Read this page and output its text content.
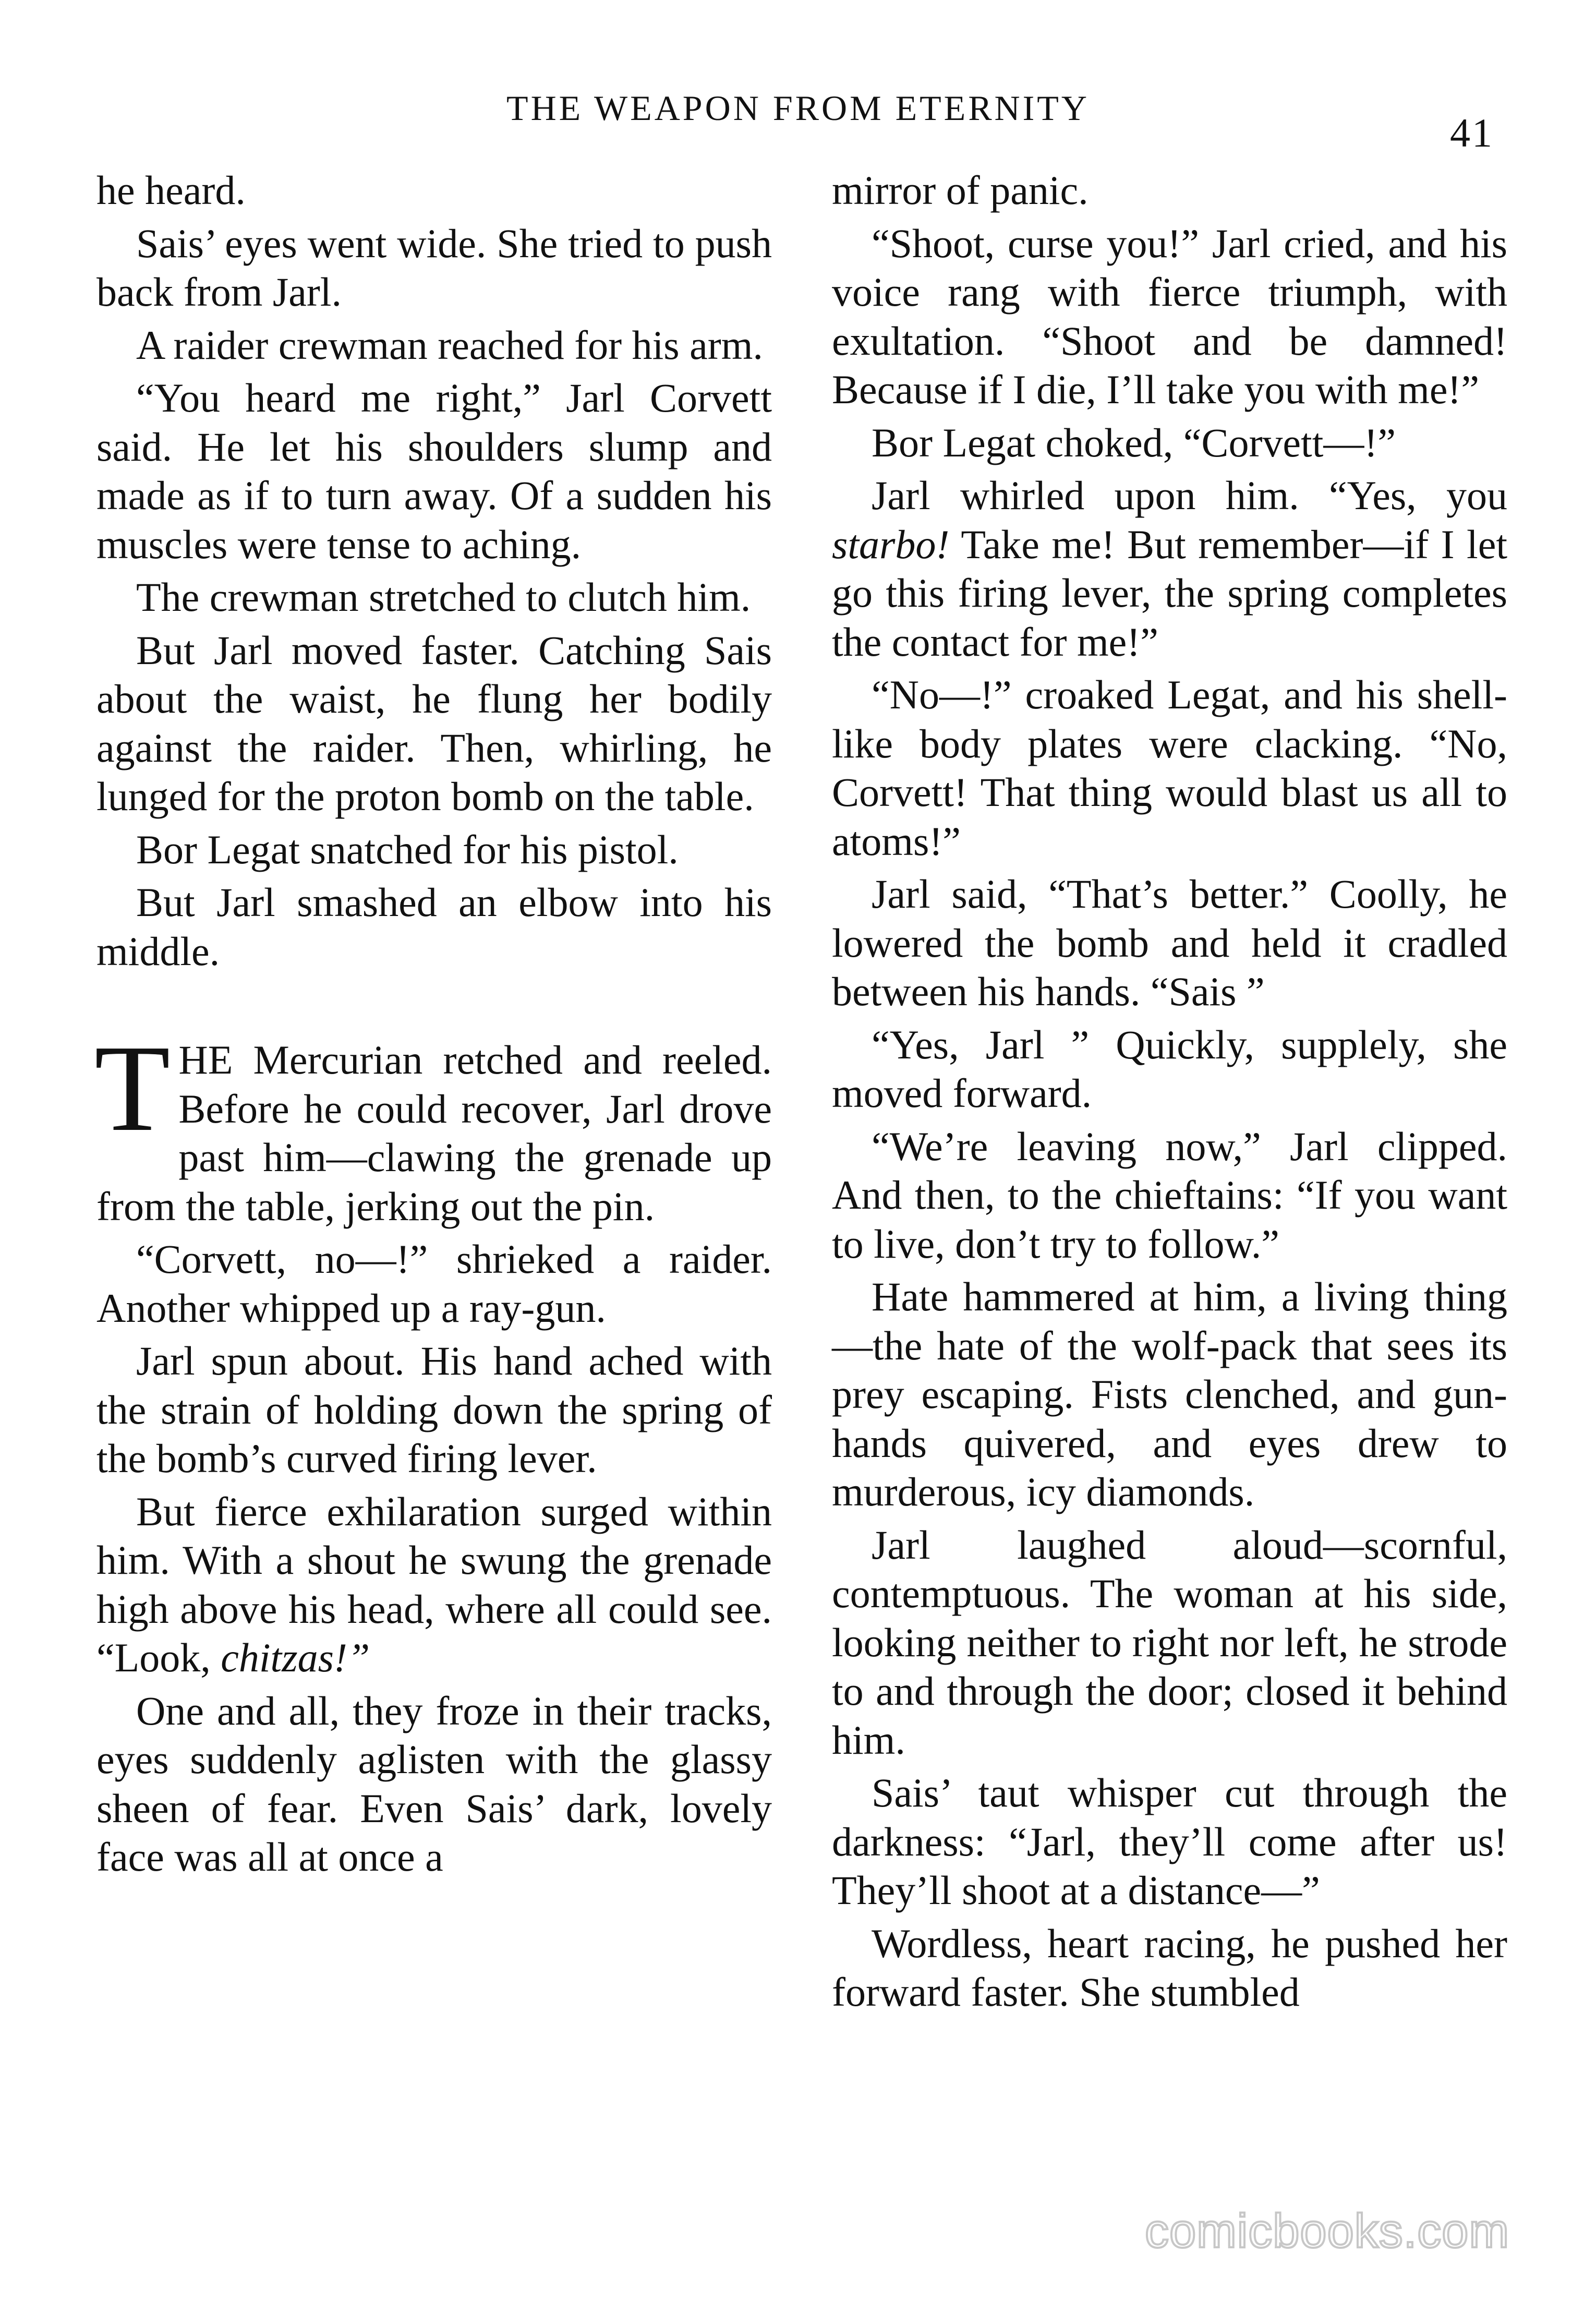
THE WEAPON FROM ETERNITY
41

he heard.

Sais’ eyes went wide. She tried to push back from Jarl.

A raider crewman reached for his arm.

“You heard me right,” Jarl Corvett said. He let his shoulders slump and made as if to turn away. Of a sudden his muscles were tense to aching.

The crewman stretched to clutch him.

But Jarl moved faster. Catching Sais about the waist, he flung her bodily against the raider. Then, whirling, he lunged for the proton bomb on the table.

Bor Legat snatched for his pistol.

But Jarl smashed an elbow into his middle.

THE Mercurian retched and reeled. Before he could recover, Jarl drove past him—clawing the grenade up from the table, jerking out the pin.

“Corvett, no—!” shrieked a raider. Another whipped up a ray-gun.

Jarl spun about. His hand ached with the strain of holding down the spring of the bomb’s curved firing lever.

But fierce exhilaration surged within him. With a shout he swung the grenade high above his head, where all could see. “Look, chitzas!”

One and all, they froze in their tracks, eyes suddenly aglisten with the glassy sheen of fear. Even Sais’ dark, lovely face was all at once a

mirror of panic.

“Shoot, curse you!” Jarl cried, and his voice rang with fierce triumph, with exultation. “Shoot and be damned! Because if I die, I’ll take you with me!”

Bor Legat choked, “Corvett—!”

Jarl whirled upon him. “Yes, you starbo! Take me! But remember—if I let go this firing lever, the spring completes the contact for me!”

“No—!” croaked Legat, and his shell-like body plates were clacking. “No, Corvett! That thing would blast us all to atoms!”

Jarl said, “That’s better.” Coolly, he lowered the bomb and held it cradled between his hands. “Sais ”

“Yes, Jarl ” Quickly, supplely, she moved forward.

“We’re leaving now,” Jarl clipped. And then, to the chieftains: “If you want to live, don’t try to follow.”

Hate hammered at him, a living thing—the hate of the wolf-pack that sees its prey escaping. Fists clenched, and gun-hands quivered, and eyes drew to murderous, icy diamonds.

Jarl laughed aloud—scornful, contemptuous. The woman at his side, looking neither to right nor left, he strode to and through the door; closed it behind him.

Sais’ taut whisper cut through the darkness: “Jarl, they’ll come after us! They’ll shoot at a distance—”

Wordless, heart racing, he pushed her forward faster. She stumbled

comicbooks.com
